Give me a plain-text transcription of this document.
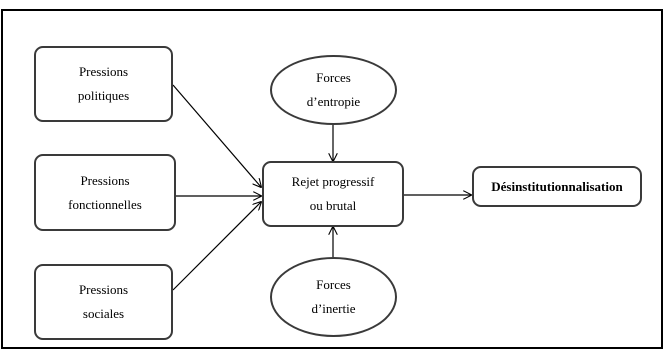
Pressions
politiques
Pressions
fonctionnelles
Pressions
sociales
Forces
d’entropie
Rejet progressif
ou brutal
Forces
d’inertie
Désinstitutionnalisation
